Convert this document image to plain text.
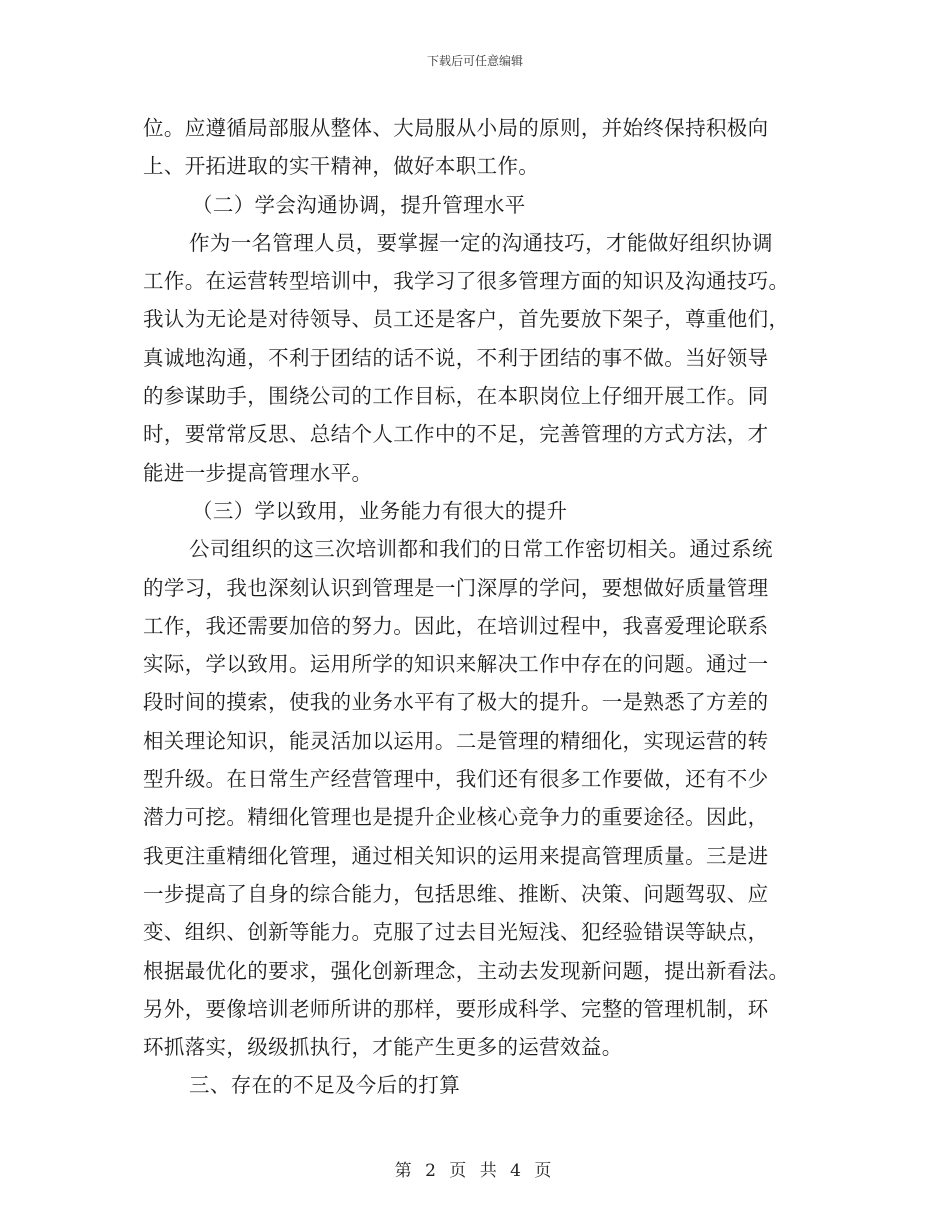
下载后可任意编辑
位。应遵循局部服从整体、大局服从小局的原则，并始终保持积极向
上、开拓进取的实干精神，做好本职工作。
（二）学会沟通协调，提升管理水平
作为一名管理人员，要掌握一定的沟通技巧，才能做好组织协调
工作。在运营转型培训中，我学习了很多管理方面的知识及沟通技巧。
我认为无论是对待领导、员工还是客户，首先要放下架子，尊重他们，
真诚地沟通，不利于团结的话不说，不利于团结的事不做。当好领导
的参谋助手，围绕公司的工作目标，在本职岗位上仔细开展工作。同
时，要常常反思、总结个人工作中的不足，完善管理的方式方法，才
能进一步提高管理水平。
（三）学以致用，业务能力有很大的提升
公司组织的这三次培训都和我们的日常工作密切相关。通过系统
的学习，我也深刻认识到管理是一门深厚的学问，要想做好质量管理
工作，我还需要加倍的努力。因此，在培训过程中，我喜爱理论联系
实际，学以致用。运用所学的知识来解决工作中存在的问题。通过一
段时间的摸索，使我的业务水平有了极大的提升。一是熟悉了方差的
相关理论知识，能灵活加以运用。二是管理的精细化，实现运营的转
型升级。在日常生产经营管理中，我们还有很多工作要做，还有不少
潜力可挖。精细化管理也是提升企业核心竞争力的重要途径。因此，
我更注重精细化管理，通过相关知识的运用来提高管理质量。三是进
一步提高了自身的综合能力，包括思维、推断、决策、问题驾驭、应
变、组织、创新等能力。克服了过去目光短浅、犯经验错误等缺点，
根据最优化的要求，强化创新理念，主动去发现新问题，提出新看法。
另外，要像培训老师所讲的那样，要形成科学、完整的管理机制，环
环抓落实，级级抓执行，才能产生更多的运营效益。
三、存在的不足及今后的打算
第 2 页 共 4 页
